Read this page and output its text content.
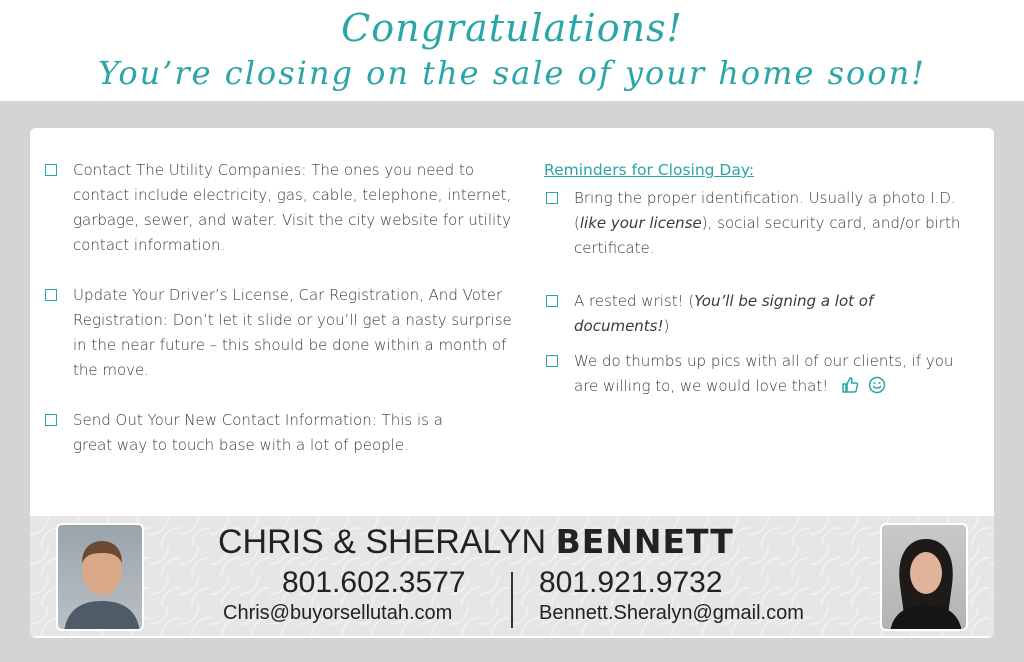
Congratulations!
You’re closing on the sale of your home soon!
Contact The Utility Companies: The ones you need to contact include electricity, gas, cable, telephone, internet, garbage, sewer, and water. Visit the city website for utility contact information.
Update Your Driver’s License, Car Registration, And Voter Registration: Don’t let it slide or you’ll get a nasty surprise in the near future – this should be done within a month of the move.
Send Out Your New Contact Information: This is a great way to touch base with a lot of people.
Reminders for Closing Day:
Bring the proper identification. Usually a photo I.D. (like your license), social security card, and/or birth certificate.
A rested wrist! (You’ll be signing a lot of documents!)
We do thumbs up pics with all of our clients, if you are willing to, we would love that!
CHRIS & SHERALYN BENNETT
801.602.3577
Chris@buyorsellutah.com
801.921.9732
Bennett.Sheralyn@gmail.com
